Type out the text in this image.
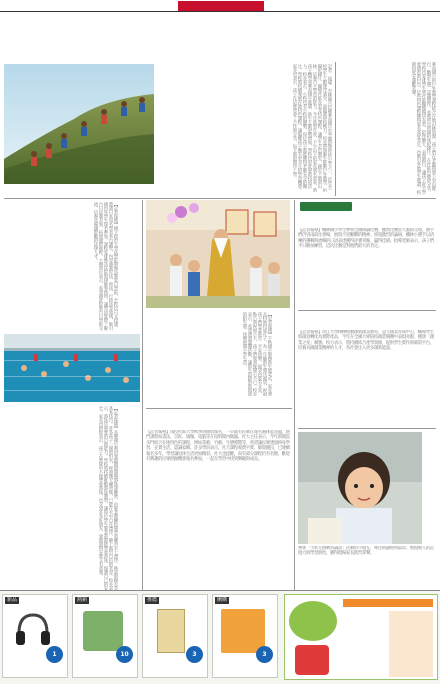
記者 報導 雲林縣古坑鄉華南國小是全縣最迷你的小學之一，近年全校學生人數逐年減少，面臨裁併校壓力。校長帶領師生推動戶外教學、拍攝紀錄片、關懷社區長者等特色課程，讓學生走出教室，親近土地與山林，培養自主學習的能力。今年新學年度，不少山下的家長慕名而來，將孩子轉學到華南國小就讀，新生人數逆勢增加，學校也因此重新找回活力。校長表示，小校也有小校的優勢，每位孩子都能獲得老師充分的關注，學校將持續發展在地特色課程，讓偏鄉孩子擁有更多元的學習機會。家長也表示，孩子在這裡學會了合作與分享，每天都很期待上學。	華南國小的戶外教學課程結合在地山林資源，孩子們在老師帶領下登山健行、觀察生態、認識農作，並將所見所聞拍成紀錄片，在社區中播放分享。學校也安排學生到社區關懷獨居長者，陪伴聊天、表演節目，讓孩子從小學會感恩與付出。這些特色課程獲得家長高度肯定，也吸引外地學生就讀，校園再度充滿歡笑聲。
【記者報導】國立政治大學法學院舉辦法制夏日學院，全程以日文授課，邀請日本知名學者來台講學，內容涵蓋民法、刑法、行政法等領域，吸引國內外學生報名參加。課程安排參訪法院與律師事務所，讓學員實際了解台日法制差異，拓展國際視野。主辦單位表示，希望藉此促進台日學術交流，培養具備國際觀的法律人才。
【記者報導】長樂國小利用暑假期間開辦游泳訓練營，由專業教練指導學童練習水上漂浮、換氣與踢水等基本技巧。許多孩子一開始怕水，經過幾天練習後，已能在水中自在漂浮，臉上露出自信的笑容。校長表示，游泳是重要的自救能力，學校將持續推動游泳教學，讓每位學生畢業前都能學會游泳，保護自己的安全。家長也紛紛表示，孩子在營隊中不僅學會游泳，也交到許多好朋友，暑假過得充實又有意義。
【記者報導】千秋國小舉辦新生始業式，家長會長特地扮成孔子，為一年級新生發送福袋，祝福孩子們學業進步、平安快樂。福袋內裝有文具、點心與祝福小卡，孩子們收到後開心不已。校長表示，希望透過溫馨活動，讓新生消除對新環境的陌生感，快樂展開小學生活。
【記者報導】南投社區大學秋季班開放報名，一早就有民眾在報名處排起長龍，熱門課程如書法、烹飪、瑜伽、電腦等在短時間內額滿。社大主任表示，今年新開設多門結合在地特色的課程，例如茶藝、竹藝、生態導覽等，希望讓民眾透過終身學習，充實生活、認識家鄉。許多學員表示，社大課程收費平實、師資優良，已連續報名多年，學習讓退休生活更加精彩。社大也提醒，尚有部分課程仍有名額，歡迎有興趣的民眾把握機會報名參加，一起在學習中找到樂趣與成長。
【記者報導】楓林國小學生參加全國辯論比賽，雖然比賽當天風雨交加，選手們仍冒雨前往會場，展現不畏艱難的精神。經過激烈的論辯，楓林小選手以清晰的邏輯與流暢的口語表達獲得評審青睞，贏得佳績。指導老師表示，孩子們平日勤加練習，這次比賽是對他們最大的肯定。
【記者報導】淡江大學積極推動創新創業教育，設立創業育成中心，輔導學生將創意轉化為實際產品，今年在全國大專院校創業競賽中表現亮眼，獲頒「創業之星」稱號。校方表示，將持續結合產學資源，提供學生實作與募資平台，培養具備創業精神的人才，為社會注入更多創新能量。
參加「小狀元挑戰背論語」活動的小朋友，專注朗誦經典篇章，展現驚人的記憶力與學習熱忱，獲得現場家長熱烈掌聲。
新品
1
熱銷
10
推薦
3
團購
3
